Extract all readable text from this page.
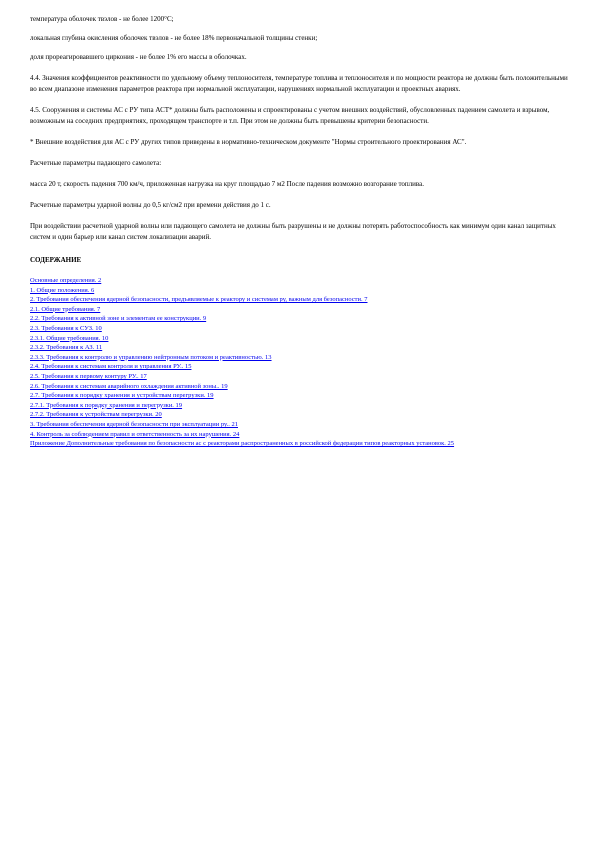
температура оболочек твэлов - не более 1200°С;

локальная глубина окисления оболочек твэлов - не более 18% первоначальной толщины стенки;

доля прореагировавшего циркония - не более 1% его массы в оболочках.

4.4. Значения коэффициентов реактивности по удельному объему теплоносителя, температуре топлива и теплоносителя и по мощности реактора не должны быть положительными во всем диапазоне изменения параметров реактора при нормальной эксплуатации, нарушениях нормальной эксплуатации и проектных авариях.

4.5. Сооружения и системы АС с РУ типа АСТ* должны быть расположены и спроектированы с учетом внешних воздействий, обусловленных падением самолета и взрывом, возможным на соседних предприятиях, проходящем транспорте и т.п. При этом не должны быть превышены критерии безопасности.

* Внешние воздействия для АС с РУ других типов приведены в нормативно-техническом документе "Нормы строительного проектирования АС".

Расчетные параметры падающего самолета:

масса 20 т, скорость падения 700 км/ч, приложенная нагрузка на круг площадью 7 м2 После падения возможно возгорание топлива.

Расчетные параметры ударной волны до 0,5 кг/см2 при времени действия до 1 с.

При воздействии расчетной ударной волны или падающего самолета не должны быть разрушены и не должны потерять работоспособность как минимум один канал защитных систем и один барьер или канал систем локализации аварий.

СОДЕРЖАНИЕ
Основные определения. 2
1. Общие положения. 6
2. Требования обеспечения ядерной безопасности, предъявляемые к реактору и системам ру, важным для безопасности. 7
2.1. Общие требования. 7
2.2. Требования к активной зоне и элементам ее конструкции. 9
2.3. Требования к СУЗ. 10
2.3.1. Общие требования. 10
2.3.2. Требования к АЗ. 11
2.3.3. Требования к контролю и управлению нейтронным потоком и реактивностью. 13
2.4. Требования к системам контроля и управления РУ.. 15
2.5. Требования к первому контуру РУ.. 17
2.6. Требования к системам аварийного охлаждения активной зоны.. 19
2.7. Требования к порядку хранения и устройствам перегрузки. 19
2.7.1. Требования к порядку хранения и перегрузки. 19
2.7.2. Требования к устройствам перегрузки. 20
3. Требования обеспечения ядерной безопасности при эксплуатации ру.. 21
4. Контроль за соблюдением правил и ответственность за их нарушения. 24
Приложение Дополнительные требования по безопасности ас с реакторами распространенных в российской федерации типов реакторных установок. 25
